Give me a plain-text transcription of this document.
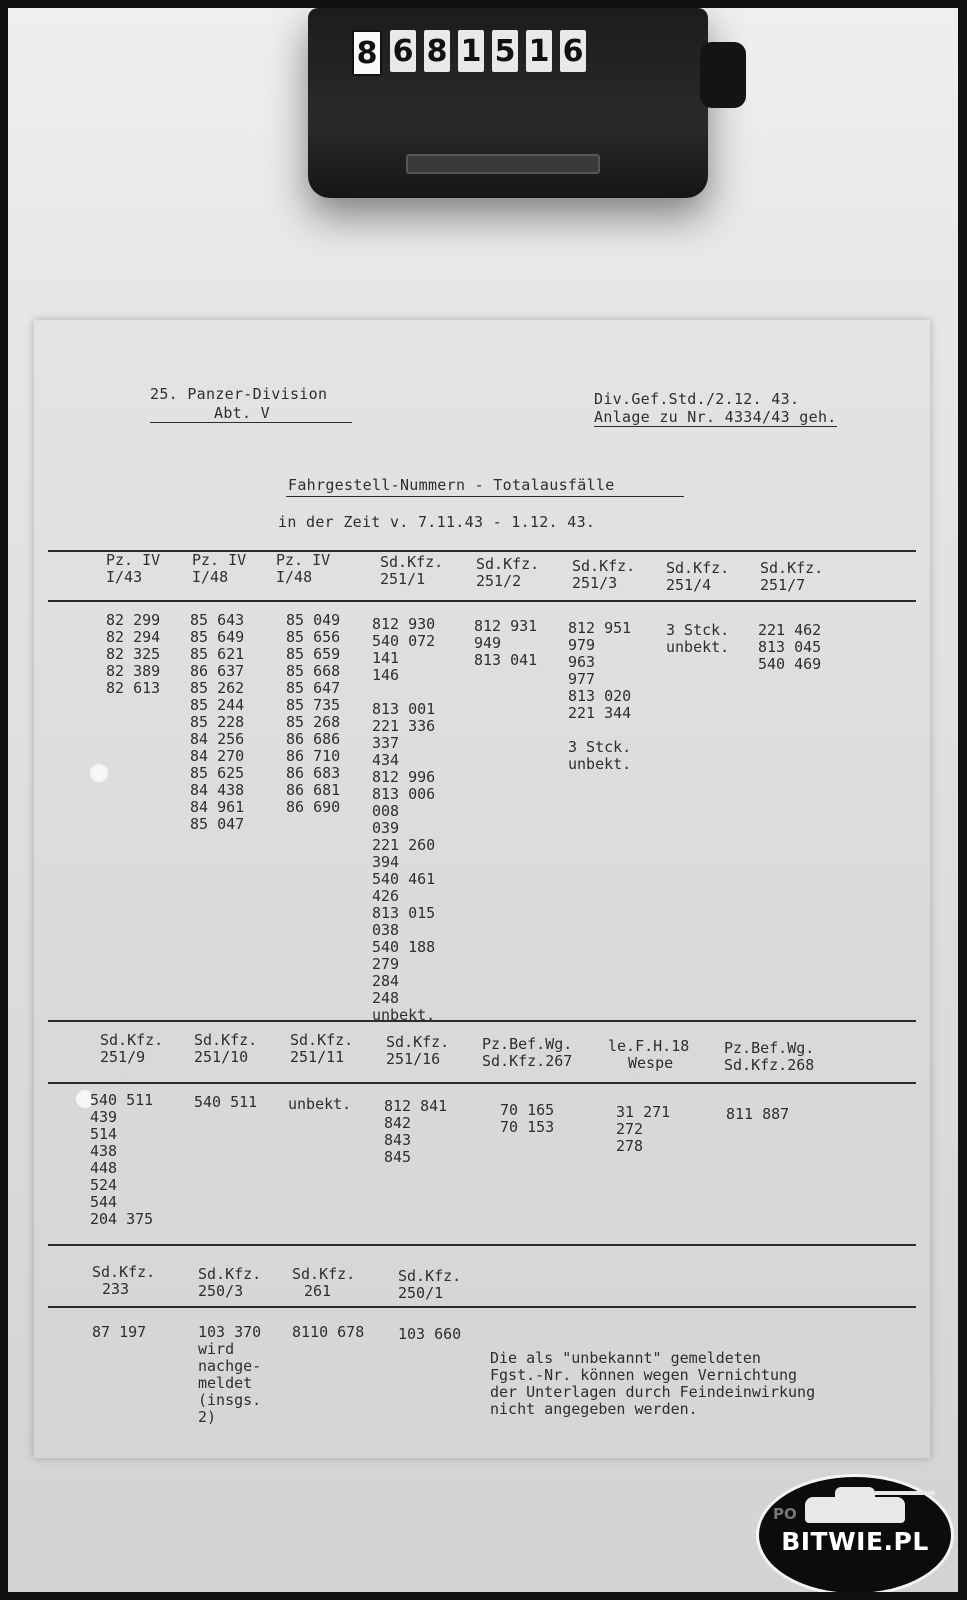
8 6 8 1 5 1 6
25. Panzer-Division
Abt. V
Div.Gef.Std./2.12. 43.
Anlage zu Nr. 4334/43 geh.
Fahrgestell-Nummern - Totalausfälle
in der Zeit v. 7.11.43 - 1.12. 43.
Pz. IV
I/43
Pz. IV
I/48
Pz. IV
I/48
Sd.Kfz.
251/1
Sd.Kfz.
251/2
Sd.Kfz.
251/3
Sd.Kfz.
251/4
Sd.Kfz.
251/7
82 299
82 294
82 325
82 389
82 613
85 643
85 649
85 621
86 637
85 262
85 244
85 228
84 256
84 270
85 625
84 438
84 961
85 047
85 049
85 656
85 659
85 668
85 647
85 735
85 268
86 686
86 710
86 683
86 681
86 690
812 930
540 072
141
146
813 001
221 336
337
434
812 996
813 006
008
039
221 260
394
540 461
426
813 015
038
540 188
279
284
248
unbekt.
812 931
949
813 041
812 951
979
963
977
813 020
221 344
3 Stck.
unbekt.
3 Stck.
unbekt.
221 462
813 045
540 469
Sd.Kfz.
251/9
Sd.Kfz.
251/10
Sd.Kfz.
251/11
Sd.Kfz.
251/16
Pz.Bef.Wg.
Sd.Kfz.267
le.F.H.18
Wespe
Pz.Bef.Wg.
Sd.Kfz.268
540 511
439
514
438
448
524
544
204 375
540 511 unbekt. 812 841
842
843
845
70 165
70 153
31 271
272
278
811 887
Sd.Kfz.
233
Sd.Kfz.
250/3
Sd.Kfz.
261
Sd.Kfz.
250/1
87 197	103 370
wird
nachge-
meldet
(insgs.
2)
8110 678 103 660
Die als "unbekannt" gemeldeten
Fgst.-Nr. können wegen Vernichtung
der Unterlagen durch Feindeinwirkung
nicht angegeben werden.
PO
BITWIE.PL
